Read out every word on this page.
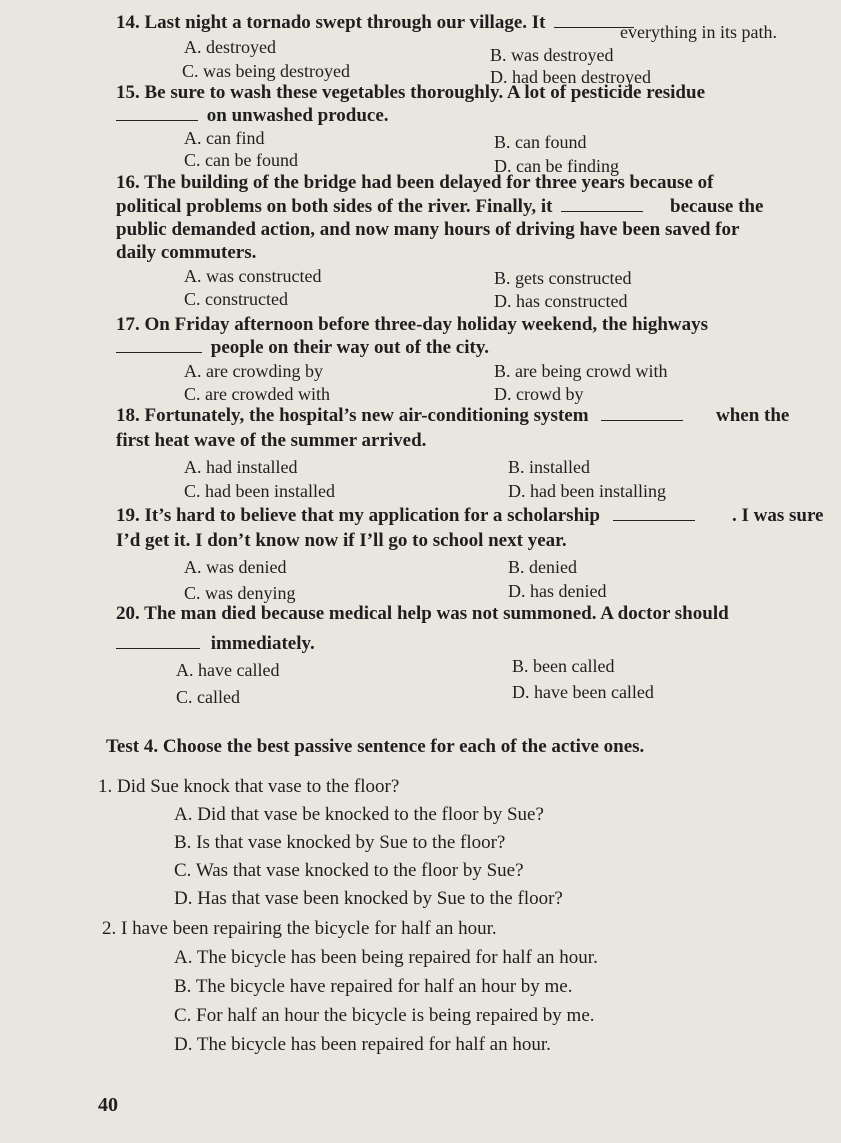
14. Last night a tornado swept through our village. It	everything in its path.
A. destroyed	B. was destroyed
C. was being destroyed	D. had been destroyed
15. Be sure to wash these vegetables thoroughly. A lot of pesticide residue
on unwashed produce.
A. can find	B. can found
C. can be found	D. can be finding
16. The building of the bridge had been delayed for three years because of
political problems on both sides of the river. Finally, it	because the
public demanded action, and now many hours of driving have been saved for
daily commuters.
A. was constructed	B. gets constructed
C. constructed	D. has constructed
17. On Friday afternoon before three-day holiday weekend, the highways
people on their way out of the city.
A. are crowding by	B. are being crowd with
C. are crowded with	D. crowd by
18. Fortunately, the hospital’s new air-conditioning system	when the
first heat wave of the summer arrived.
A. had installed	B. installed
C. had been installed	D. had been installing
19. It’s hard to believe that my application for a scholarship	. I was sure
I’d get it. I don’t know now if I’ll go to school next year.
A. was denied	B. denied
C. was denying	D. has denied
20. The man died because medical help was not summoned. A doctor should
immediately.
A. have called	B. been called
C. called	D. have been called
Test 4. Choose the best passive sentence for each of the active ones.
1. Did Sue knock that vase to the floor?
A. Did that vase be knocked to the floor by Sue?
B. Is that vase knocked by Sue to the floor?
C. Was that vase knocked to the floor by Sue?
D. Has that vase been knocked by Sue to the floor?
2. I have been repairing the bicycle for half an hour.
A. The bicycle has been being repaired for half an hour.
B. The bicycle have repaired for half an hour by me.
C. For half an hour the bicycle is being repaired by me.
D. The bicycle has been repaired for half an hour.
40
